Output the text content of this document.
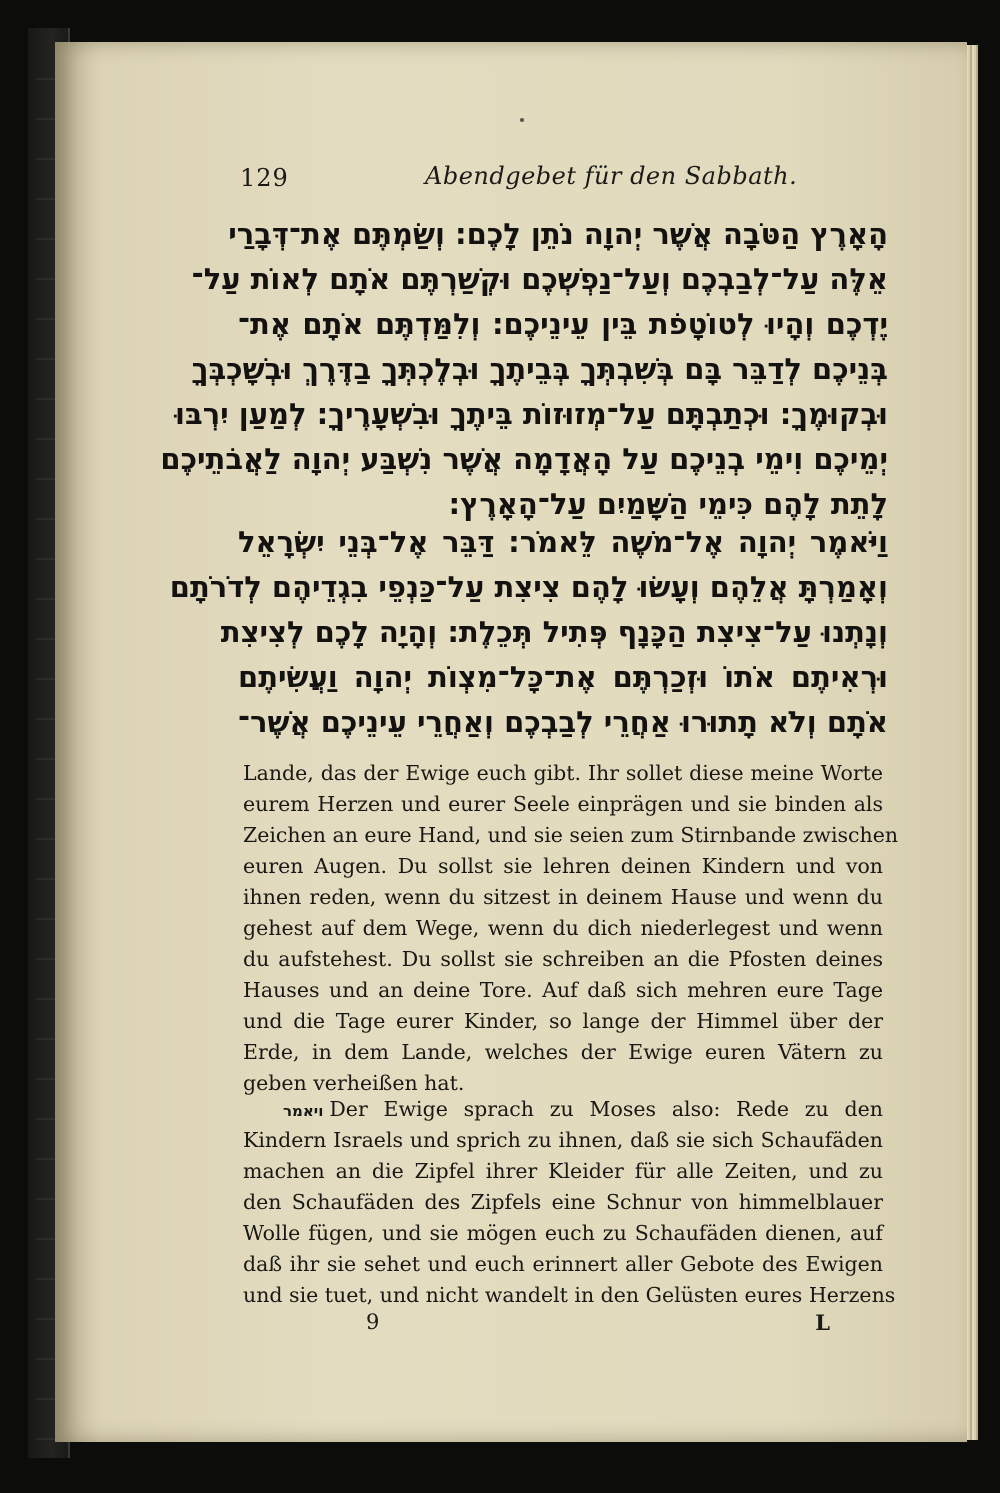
129	Abendgebet für den Sabbath.
הָאָרֶץ הַטֹּבָה אֲשֶׁר יְהוָה נֹתֵן לָכֶם: וְשַׂמְתֶּם אֶת־דְּבָרַי
אֵלֶּה עַל־לְבַבְכֶם וְעַל־נַפְשְׁכֶם וּקְשַׁרְתֶּם אֹתָם לְאוֹת עַל־
יֶדְכֶם וְהָיוּ לְטוֹטָפֹת בֵּין עֵינֵיכֶם: וְלִמַּדְתֶּם אֹתָם אֶת־
בְּנֵיכֶם לְדַבֵּר בָּם בְּשִׁבְתְּךָ בְּבֵיתֶךָ וּבְלֶכְתְּךָ בַדֶּרֶךְ וּבְשָׁכְבְּךָ
וּבְקוּמֶךָ: וּכְתַבְתָּם עַל־מְזוּזוֹת בֵּיתֶךָ וּבִשְׁעָרֶיךָ: לְמַעַן יִרְבּוּ
יְמֵיכֶם וִימֵי בְנֵיכֶם עַל הָאֲדָמָה אֲשֶׁר נִשְׁבַּע יְהוָה לַאֲבֹתֵיכֶם
לָתֵת לָהֶם כִּימֵי הַשָּׁמַיִם עַל־הָאָרֶץ:
וַיֹּאמֶר יְהוָה אֶל־מֹשֶׁה לֵּאמֹר: דַּבֵּר אֶל־בְּנֵי יִשְׂרָאֵל
וְאָמַרְתָּ אֲלֵהֶם וְעָשׂוּ לָהֶם צִיצִת עַל־כַּנְפֵי בִגְדֵיהֶם לְדֹרֹתָם
וְנָתְנוּ עַל־צִיצִת הַכָּנָף פְּתִיל תְּכֵלֶת: וְהָיָה לָכֶם לְצִיצִת
וּרְאִיתֶם אֹתוֹ וּזְכַרְתֶּם אֶת־כָּל־מִצְוֹת יְהוָה וַעֲשִׂיתֶם
אֹתָם וְלֹא תָתוּרוּ אַחֲרֵי לְבַבְכֶם וְאַחֲרֵי עֵינֵיכֶם אֲשֶׁר־
Lande, das der Ewige euch gibt. Ihr sollet diese meine Worte
eurem Herzen und eurer Seele einprägen und sie binden als
Zeichen an eure Hand, und sie seien zum Stirnbande zwischen
euren Augen. Du sollst sie lehren deinen Kindern und von
ihnen reden, wenn du sitzest in deinem Hause und wenn du
gehest auf dem Wege, wenn du dich niederlegest und wenn
du aufstehest. Du sollst sie schreiben an die Pfosten deines
Hauses und an deine Tore. Auf daß sich mehren eure Tage
und die Tage eurer Kinder, so lange der Himmel über der
Erde, in dem Lande, welches der Ewige euren Vätern zu
geben verheißen hat.
ויאמר Der Ewige sprach zu Moses also: Rede zu den
Kindern Israels und sprich zu ihnen, daß sie sich Schaufäden
machen an die Zipfel ihrer Kleider für alle Zeiten, und zu
den Schaufäden des Zipfels eine Schnur von himmelblauer
Wolle fügen, und sie mögen euch zu Schaufäden dienen, auf
daß ihr sie sehet und euch erinnert aller Gebote des Ewigen
und sie tuet, und nicht wandelt in den Gelüsten eures Herzens
9	L
